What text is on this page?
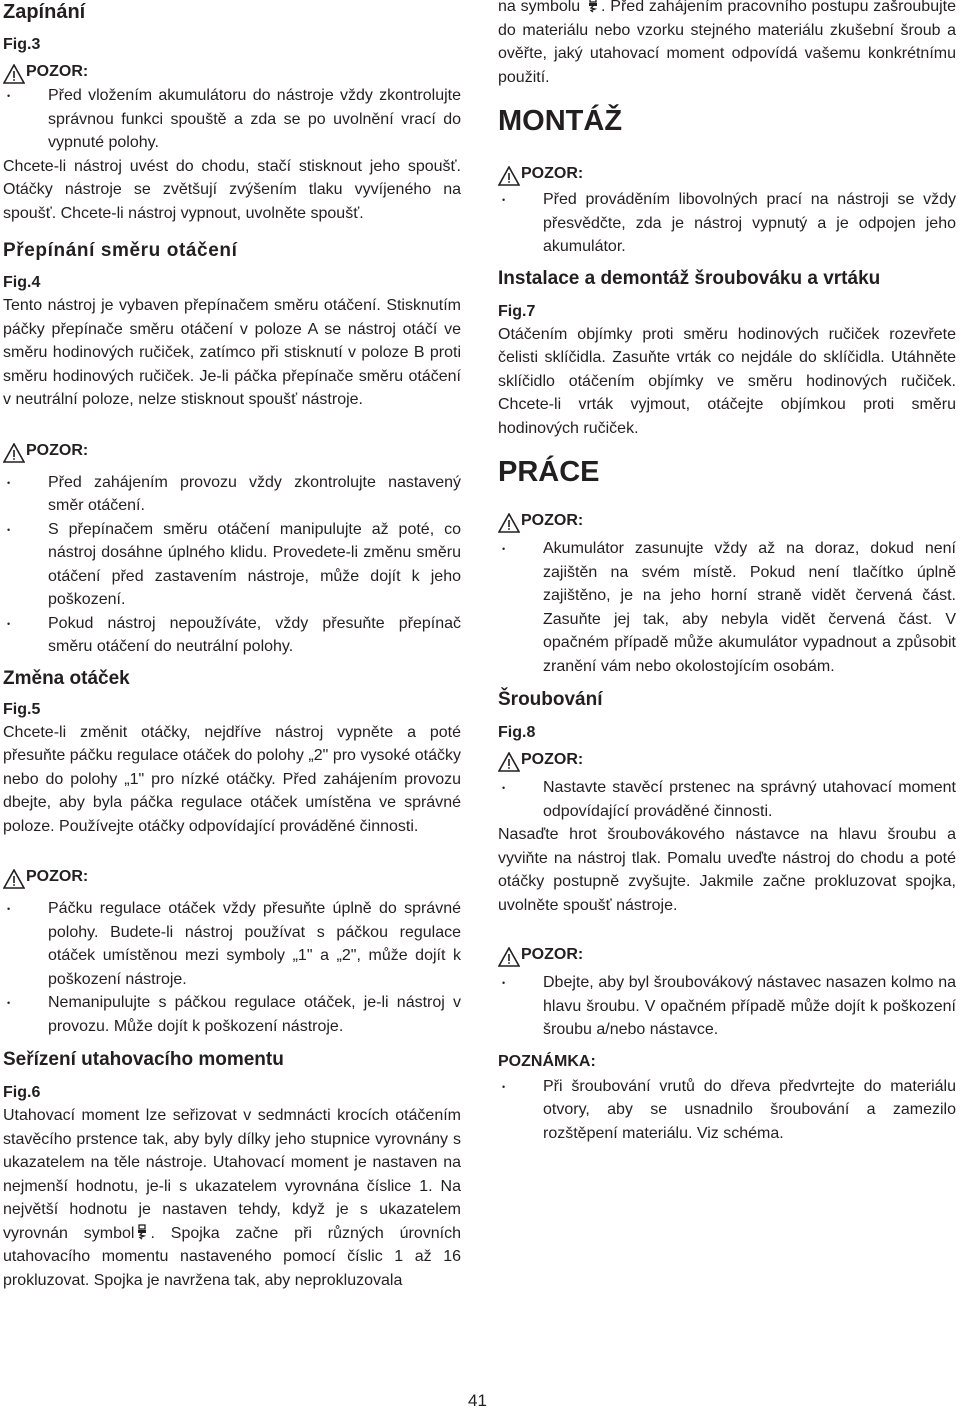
Zapínání
Fig.3
POZOR:
• Před vložením akumulátoru do nástroje vždy zkontrolujte správnou funkci spouště a zda se po uvolnění vrací do vypnuté polohy.

Chcete-li nástroj uvést do chodu, stačí stisknout jeho spoušť. Otáčky nástroje se zvětšují zvýšením tlaku vyvíjeného na spoušť. Chcete-li nástroj vypnout, uvolněte spoušť.

Přepínání směru otáčení
Fig.4

Tento nástroj je vybaven přepínačem směru otáčení. Stisknutím páčky přepínače směru otáčení v poloze A se nástroj otáčí ve směru hodinových ručiček, zatímco při stisknutí v poloze B proti směru hodinových ručiček. Je-li páčka přepínače směru otáčení v neutrální poloze, nelze stisknout spoušť nástroje.

POZOR:
• Před zahájením provozu vždy zkontrolujte nastavený směr otáčení.
• S přepínačem směru otáčení manipulujte až poté, co nástroj dosáhne úplného klidu. Provedete-li změnu směru otáčení před zastavením nástroje, může dojít k jeho poškození.
• Pokud nástroj nepoužíváte, vždy přesuňte přepínač směru otáčení do neutrální polohy.
Změna otáček
Fig.5

Chcete-li změnit otáčky, nejdříve nástroj vypněte a poté přesuňte páčku regulace otáček do polohy „2" pro vysoké otáčky nebo do polohy „1" pro nízké otáčky. Před zahájením provozu dbejte, aby byla páčka regulace otáček umístěna ve správné poloze. Používejte otáčky odpovídající prováděné činnosti.

POZOR:
• Páčku regulace otáček vždy přesuňte úplně do správné polohy. Budete-li nástroj používat s páčkou regulace otáček umístěnou mezi symboly „1" a „2", může dojít k poškození nástroje.
• Nemanipulujte s páčkou regulace otáček, je-li nástroj v provozu. Může dojít k poškození nástroje.
Seřízení utahovacího momentu
Fig.6

Utahovací moment lze seřizovat v sedmnácti krocích otáčením stavěcího prstence tak, aby byly dílky jeho stupnice vyrovnány s ukazatelem na těle nástroje. Utahovací moment je nastaven na nejmenší hodnotu, je-li s ukazatelem vyrovnána číslice 1. Na největší hodnotu je nastaven tehdy, když je s ukazatelem vyrovnán symbol . Spojka začne při různých úrovních utahovacího momentu nastaveného pomocí číslic 1 až 16 prokluzovat. Spojka je navržena tak, aby neprokluzovala

na symbolu . Před zahájením pracovního postupu zašroubujte do materiálu nebo vzorku stejného materiálu zkušební šroub a ověřte, jaký utahovací moment odpovídá vašemu konkrétnímu použití.

MONTÁŽ
POZOR:
• Před prováděním libovolných prací na nástroji se vždy přesvědčte, zda je nástroj vypnutý a je odpojen jeho akumulátor.
Instalace a demontáž šroubováku a vrtáku
Fig.7

Otáčením objímky proti směru hodinových ručiček rozevřete čelisti sklíčidla. Zasuňte vrták co nejdále do sklíčidla. Utáhněte sklíčidlo otáčením objímky ve směru hodinových ručiček. Chcete-li vrták vyjmout, otáčejte objímkou proti směru hodinových ručiček.

PRÁCE
POZOR:
• Akumulátor zasunujte vždy až na doraz, dokud není zajištěn na svém místě. Pokud není tlačítko úplně zajištěno, je na jeho horní straně vidět červená část. Zasuňte jej tak, aby nebyla vidět červená část. V opačném případě může akumulátor vypadnout a způsobit zranění vám nebo okolostojícím osobám.
Šroubování
Fig.8
POZOR:
• Nastavte stavěcí prstenec na správný utahovací moment odpovídající prováděné činnosti.

Nasaďte hrot šroubovákového nástavce na hlavu šroubu a vyviňte na nástroj tlak. Pomalu uveďte nástroj do chodu a poté otáčky postupně zvyšujte. Jakmile začne prokluzovat spojka, uvolněte spoušť nástroje.

POZOR:
• Dbejte, aby byl šroubovákový nástavec nasazen kolmo na hlavu šroubu. V opačném případě může dojít k poškození šroubu a/nebo nástavce.
POZNÁMKA:
• Při šroubování vrutů do dřeva předvrtejte do materiálu otvory, aby se usnadnilo šroubování a zamezilo rozštěpení materiálu. Viz schéma.
41
